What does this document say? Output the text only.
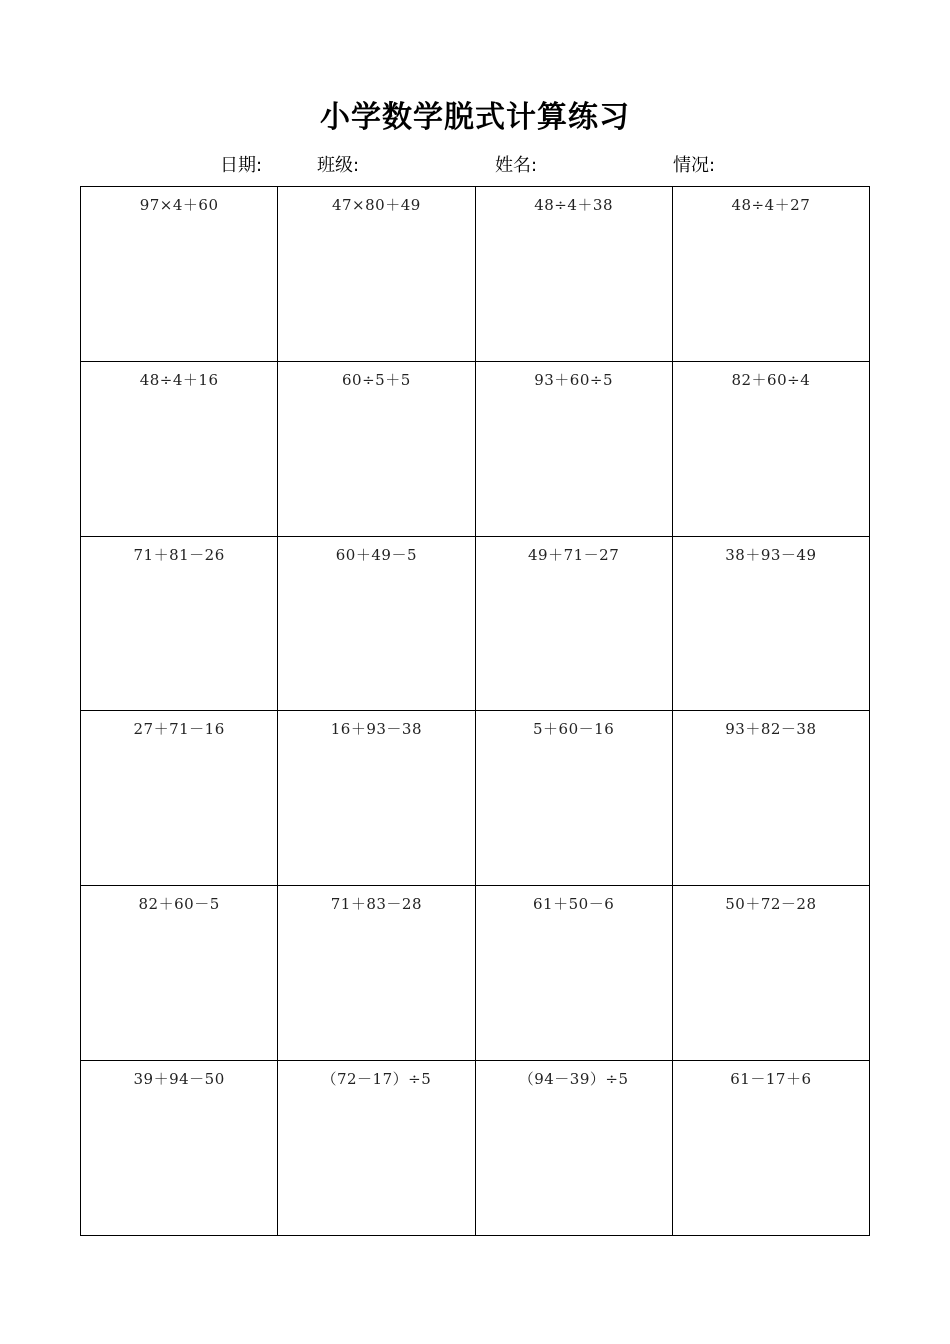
小学数学脱式计算练习
日期:	班级:	姓名:	情况:
97×4＋60	47×80＋49	48÷4＋38	48÷4＋27
48÷4＋16	60÷5＋5	93＋60÷5	82＋60÷4
71＋81－26	60＋49－5	49＋71－27	38＋93－49
27＋71－16	16＋93－38	5＋60－16	93＋82－38
82＋60－5	71＋83－28	61＋50－6	50＋72－28
39＋94－50	（72－17）÷5	（94－39）÷5	61－17＋6
